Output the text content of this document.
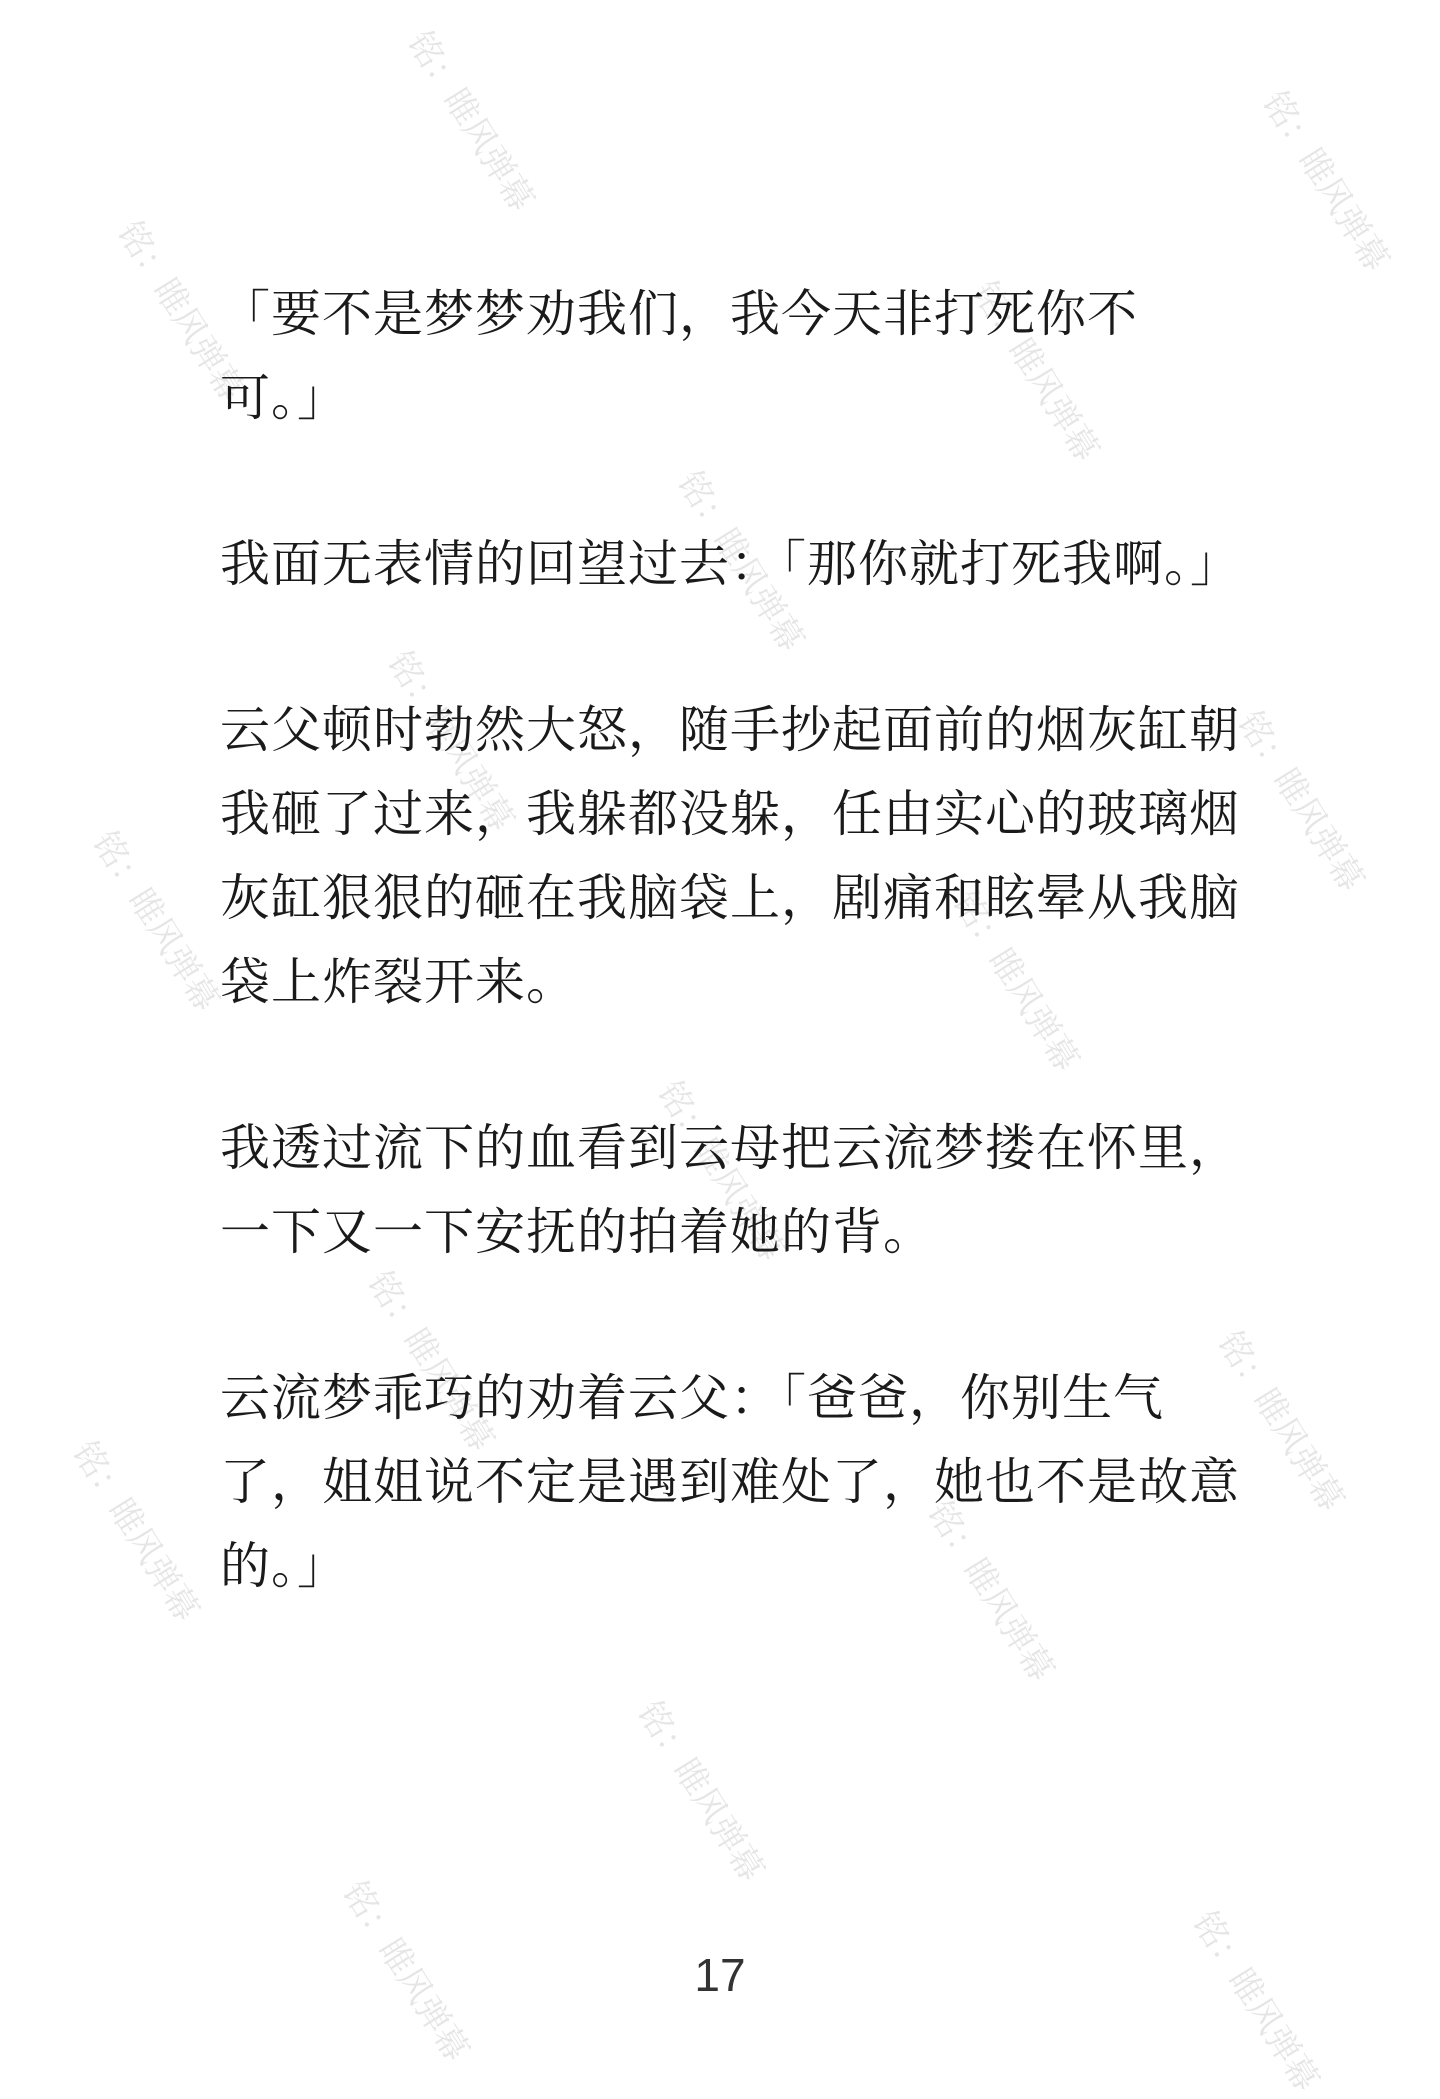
铭：睢风弹幕	铭：睢风弹幕
铭：睢风弹幕	铭：睢风弹幕
铭：睢风弹幕
铭：睢风弹幕	铭：睢风弹幕
铭：睢风弹幕	铭：睢风弹幕
铭：睢风弹幕
铭：睢风弹幕	铭：睢风弹幕
铭：睢风弹幕	铭：睢风弹幕
铭：睢风弹幕
铭：睢风弹幕	铭：睢风弹幕

「要不是梦梦劝我们，我今天非打死你不可。」

我面无表情的回望过去：「那你就打死我啊。」

云父顿时勃然大怒，随手抄起面前的烟灰缸朝我砸了过来，我躲都没躲，任由实心的玻璃烟灰缸狠狠的砸在我脑袋上，剧痛和眩晕从我脑袋上炸裂开来。

我透过流下的血看到云母把云流梦搂在怀里，一下又一下安抚的拍着她的背。

云流梦乖巧的劝着云父：「爸爸，你别生气了，姐姐说不定是遇到难处了，她也不是故意的。」

17
